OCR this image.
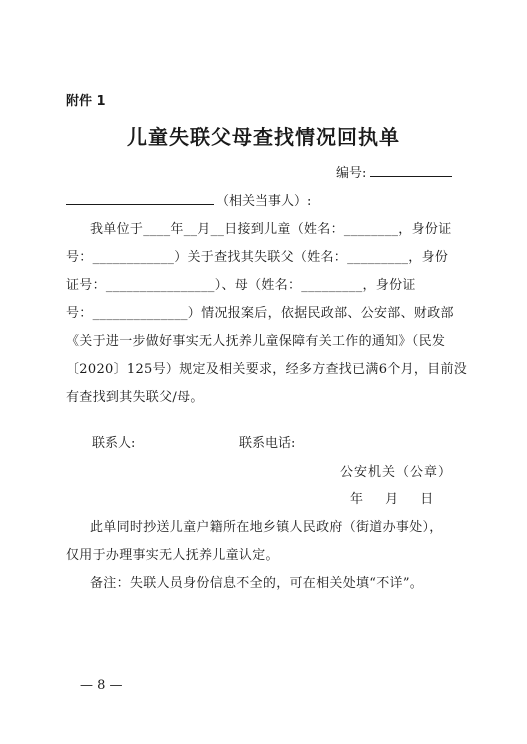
附件 1
儿童失联父母查找情况回执单
编号:
（相关当事人）:
我单位于____年__月__日接到儿童（姓名：________，身份证
号：____________）关于查找其失联父（姓名：_________，身份
证号：________________）、母（姓名：_________，身份证
号：______________）情况报案后，依据民政部、公安部、财政部
《关于进一步做好事实无人抚养儿童保障有关工作的通知》（民发
〔2020〕125号）规定及相关要求，经多方查找已满6个月，目前没
有查找到其失联父/母。
联系人:	联系电话:
公安机关（公章）
年 月 日
此单同时抄送儿童户籍所在地乡镇人民政府（街道办事处），
仅用于办理事实无人抚养儿童认定。
备注：失联人员身份信息不全的，可在相关处填“不详”。
— 8 —
